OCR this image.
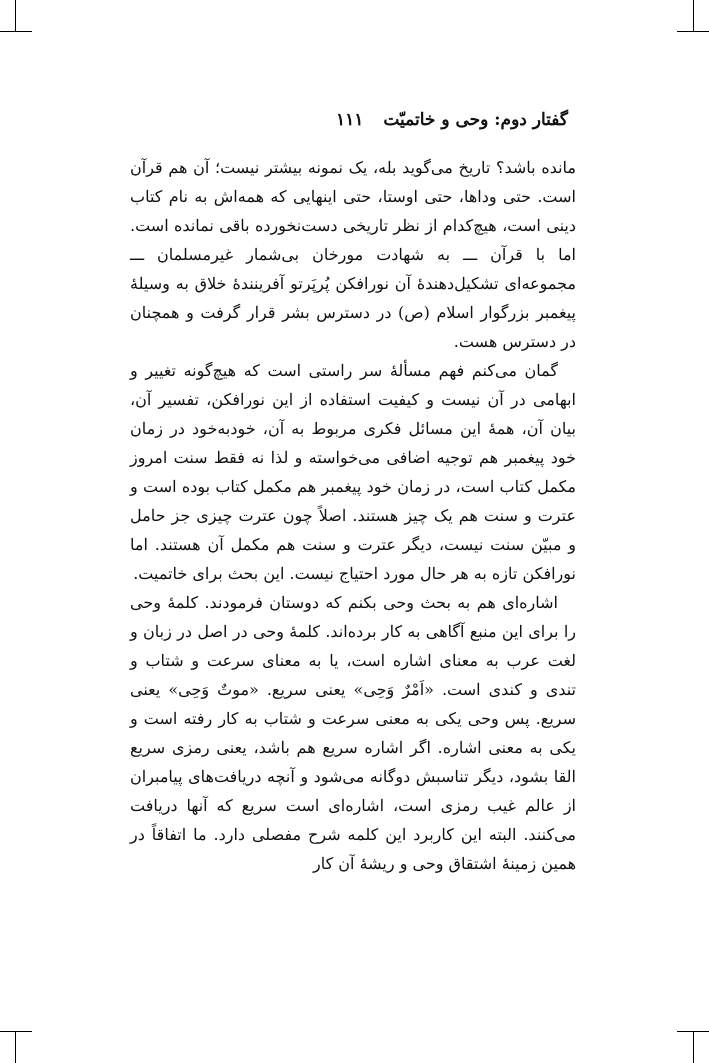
گفتار دوم: وحی و خاتمیّت ۱۱۱

مانده باشد؟ تاریخ می‌گوید بله، یک نمونه بیشتر نیست؛ آن هم قرآن است. حتی وداها، حتی اوستا، حتی اینهایی که همه‌اش به نام کتاب دینی است، هیچ‌کدام از نظر تاریخی دست‌نخورده باقی نمانده است. اما با قرآن ـــ به شهادت مورخان بی‌شمار غیرمسلمان ـــ مجموعه‌ای تشکیل‌دهندهٔ آن نورافکن پُرپَرتو آفرینندهٔ خلاق به وسیلهٔ پیغمبر بزرگوار اسلام (ص) در دسترس بشر قرار گرفت و همچنان در دسترس هست.

گمان می‌کنم فهم مسألهٔ سر راستی است که هیچ‌گونه تغییر و ابهامی در آن نیست و کیفیت استفاده از این نورافکن، تفسیر آن، بیان آن، همهٔ این مسائل فکری مربوط به آن، خودبه‌خود در زمان خود پیغمبر هم توجیه اضافی می‌خواسته و لذا نه فقط سنت امروز مکمل کتاب است، در زمان خود پیغمبر هم مکمل کتاب بوده است و عترت و سنت هم یک چیز هستند. اصلاً چون عترت چیزی جز حامل و مبیّن سنت نیست، دیگر عترت و سنت هم مکمل آن هستند. اما نورافکن تازه به هر حال مورد احتیاج نیست. این بحث برای خاتمیت.

اشاره‌ای هم به بحث وحی بکنم که دوستان فرمودند. کلمهٔ وحی را برای این منبع آگاهی به کار برده‌اند. کلمهٔ وحی در اصل در زبان و لغت عرب به معنای اشاره است، یا به معنای سرعت و شتاب و تندی و کندی است. «اَمْرٌ وَحِی» یعنی سریع. «موتٌ وَحِی» یعنی سریع. پس وحی یکی به معنی سرعت و شتاب به کار رفته است و یکی به معنی اشاره. اگر اشاره سریع هم باشد، یعنی رمزی سریع القا بشود، دیگر تناسبش دوگانه می‌شود و آنچه دریافت‌های پیامبران از عالم غیب رمزی است، اشاره‌ای است سریع که آنها دریافت می‌کنند. البته این کاربرد این کلمه شرح مفصلی دارد. ما اتفاقاً در همین زمینهٔ اشتقاق وحی و ریشهٔ آن کار
